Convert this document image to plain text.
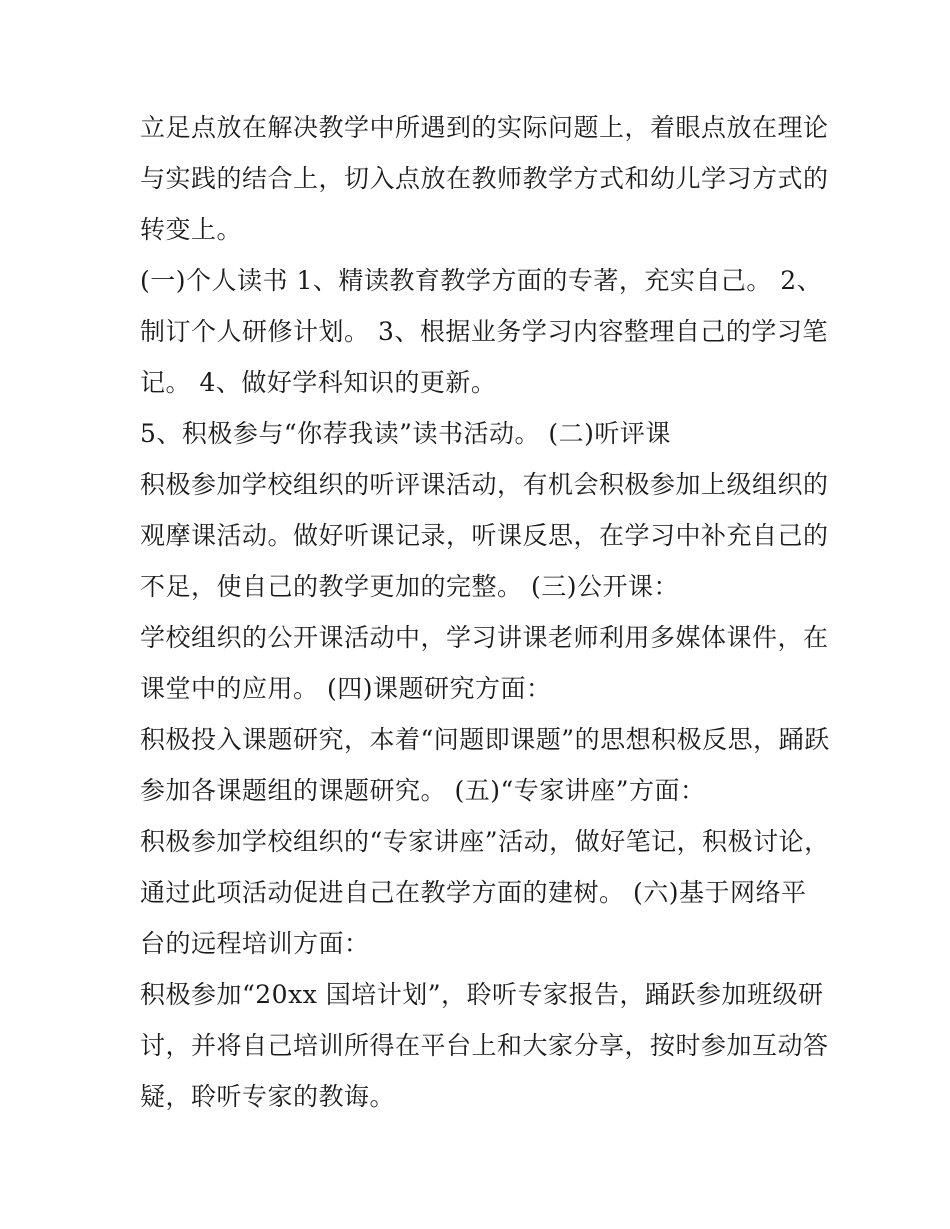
立足点放在解决教学中所遇到的实际问题上，着眼点放在理论
与实践的结合上，切入点放在教师教学方式和幼儿学习方式的
转变上。
(一)个人读书 1、精读教育教学方面的专著，充实自己。 2、
制订个人研修计划。 3、根据业务学习内容整理自己的学习笔
记。 4、做好学科知识的更新。
5、积极参与“你荐我读”读书活动。 (二)听评课
积极参加学校组织的听评课活动，有机会积极参加上级组织的
观摩课活动。做好听课记录，听课反思，在学习中补充自己的
不足，使自己的教学更加的完整。 (三)公开课：
学校组织的公开课活动中，学习讲课老师利用多媒体课件，在
课堂中的应用。 (四)课题研究方面：
积极投入课题研究，本着“问题即课题”的思想积极反思，踊跃
参加各课题组的课题研究。 (五)“专家讲座”方面：
积极参加学校组织的“专家讲座”活动，做好笔记，积极讨论，
通过此项活动促进自己在教学方面的建树。 (六)基于网络平
台的远程培训方面：
积极参加“20xx 国培计划”，聆听专家报告，踊跃参加班级研
讨，并将自己培训所得在平台上和大家分享，按时参加互动答
疑，聆听专家的教诲。
